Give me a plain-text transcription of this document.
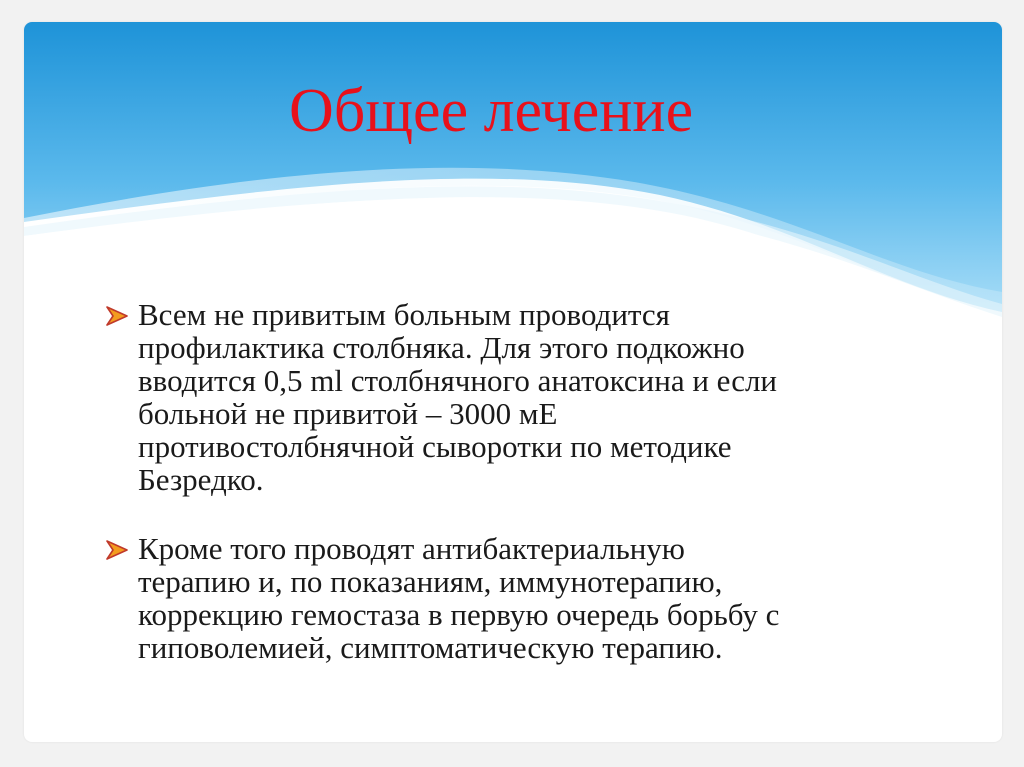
Общее лечение
Всем не привитым больным проводится
профилактика столбняка. Для этого подкожно
вводится 0,5 ml столбнячного анатоксина и если
больной не привитой – 3000 мЕ
противостолбнячной сыворотки по методике
Безредко.
Кроме того проводят антибактериальную
терапию и, по показаниям, иммунотерапию,
коррекцию гемостаза в первую очередь борьбу с
гиповолемией, симптоматическую терапию.
